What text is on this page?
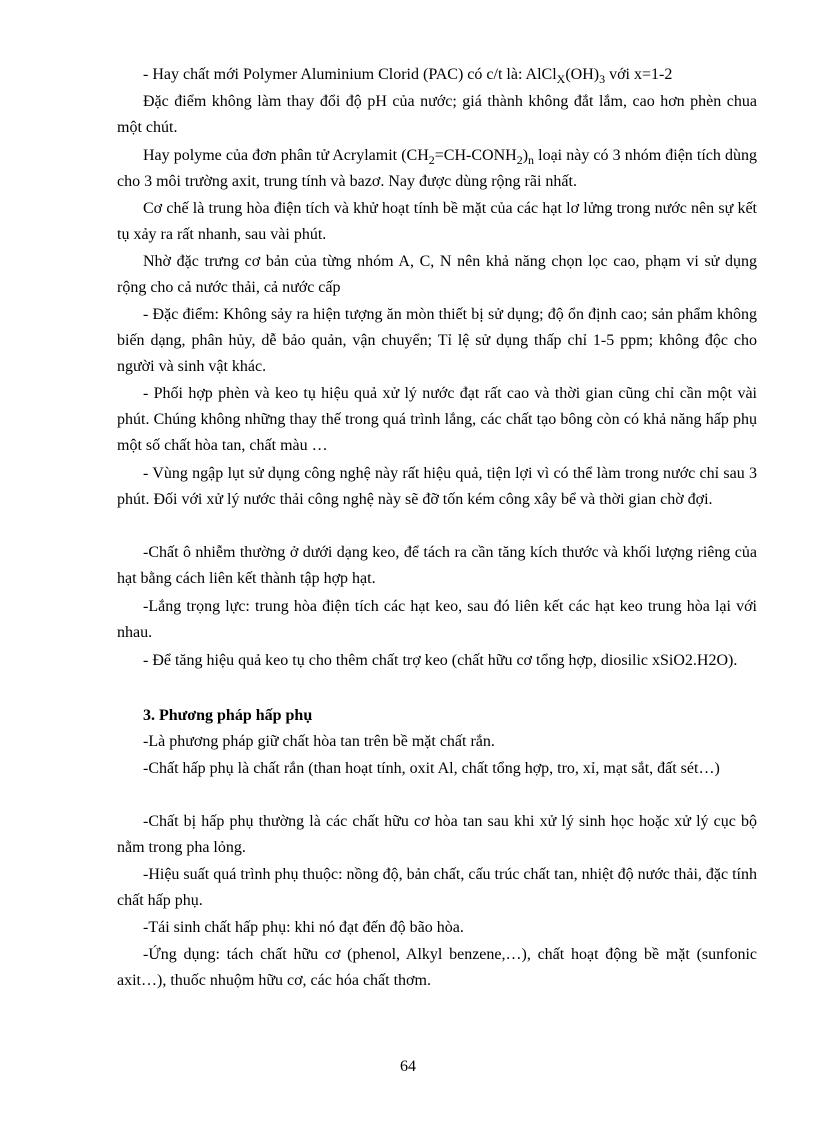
- Hay chất mới Polymer Aluminium Clorid (PAC) có c/t là: $AlCl_X(OH)_3$ với x=1-2

Đặc điểm không làm thay đổi độ pH của nước; giá thành không đắt lắm, cao hơn phèn chua một chút.

Hay polyme của đơn phân tử Acrylamit $(CH_2=CH-CONH_2)_n$ loại này có 3 nhóm điện tích dùng cho 3 môi trường axit, trung tính và bazơ. Nay được dùng rộng rãi nhất.

Cơ chế là trung hòa điện tích và khử hoạt tính bề mặt của các hạt lơ lửng trong nước nên sự kết tụ xảy ra rất nhanh, sau vài phút.

Nhờ đặc trưng cơ bản của từng nhóm A, C, N nên khả năng chọn lọc cao, phạm vi sử dụng rộng cho cả nước thải, cả nước cấp

- Đặc điểm: Không sảy ra hiện tượng ăn mòn thiết bị sử dụng; độ ổn định cao; sản phẩm không biến dạng, phân hủy, dễ bảo quản, vận chuyển; Tỉ lệ sử dụng thấp chỉ 1-5 ppm; không độc cho người và sinh vật khác.

- Phối hợp phèn và keo tụ hiệu quả xử lý nước đạt rất cao và thời gian cũng chỉ cần một vài phút. Chúng không những thay thế trong quá trình lắng, các chất tạo bông còn có khả năng hấp phụ một số chất hòa tan, chất màu …

- Vùng ngập lụt sử dụng công nghệ này rất hiệu quả, tiện lợi vì có thể làm trong nước chỉ sau 3 phút. Đối với xử lý nước thải công nghệ này sẽ đỡ tốn kém công xây bể và thời gian chờ đợi.

-Chất ô nhiễm thường ở dưới dạng keo, để tách ra cần tăng kích thước và khối lượng riêng của hạt bằng cách liên kết thành tập hợp hạt.

-Lắng trọng lực: trung hòa điện tích các hạt keo, sau đó liên kết các hạt keo trung hòa lại với nhau.

- Để tăng hiệu quả keo tụ cho thêm chất trợ keo (chất hữu cơ tổng hợp, diosilic xSiO2.H2O).

3. Phương pháp hấp phụ

-Là phương pháp giữ chất hòa tan trên bề mặt chất rắn.

-Chất hấp phụ là chất rắn (than hoạt tính, oxit Al, chất tổng hợp, tro, xỉ, mạt sắt, đất sét…)

-Chất bị hấp phụ thường là các chất hữu cơ hòa tan sau khi xử lý sinh học hoặc xử lý cục bộ nằm trong pha lỏng.

-Hiệu suất quá trình phụ thuộc: nồng độ, bản chất, cấu trúc chất tan, nhiệt độ nước thải, đặc tính chất hấp phụ.

-Tái sinh chất hấp phụ: khi nó đạt đến độ bão hòa.

-Ứng dụng: tách chất hữu cơ (phenol, Alkyl benzene,…), chất hoạt động bề mặt (sunfonic axit…), thuốc nhuộm hữu cơ, các hóa chất thơm.

64
